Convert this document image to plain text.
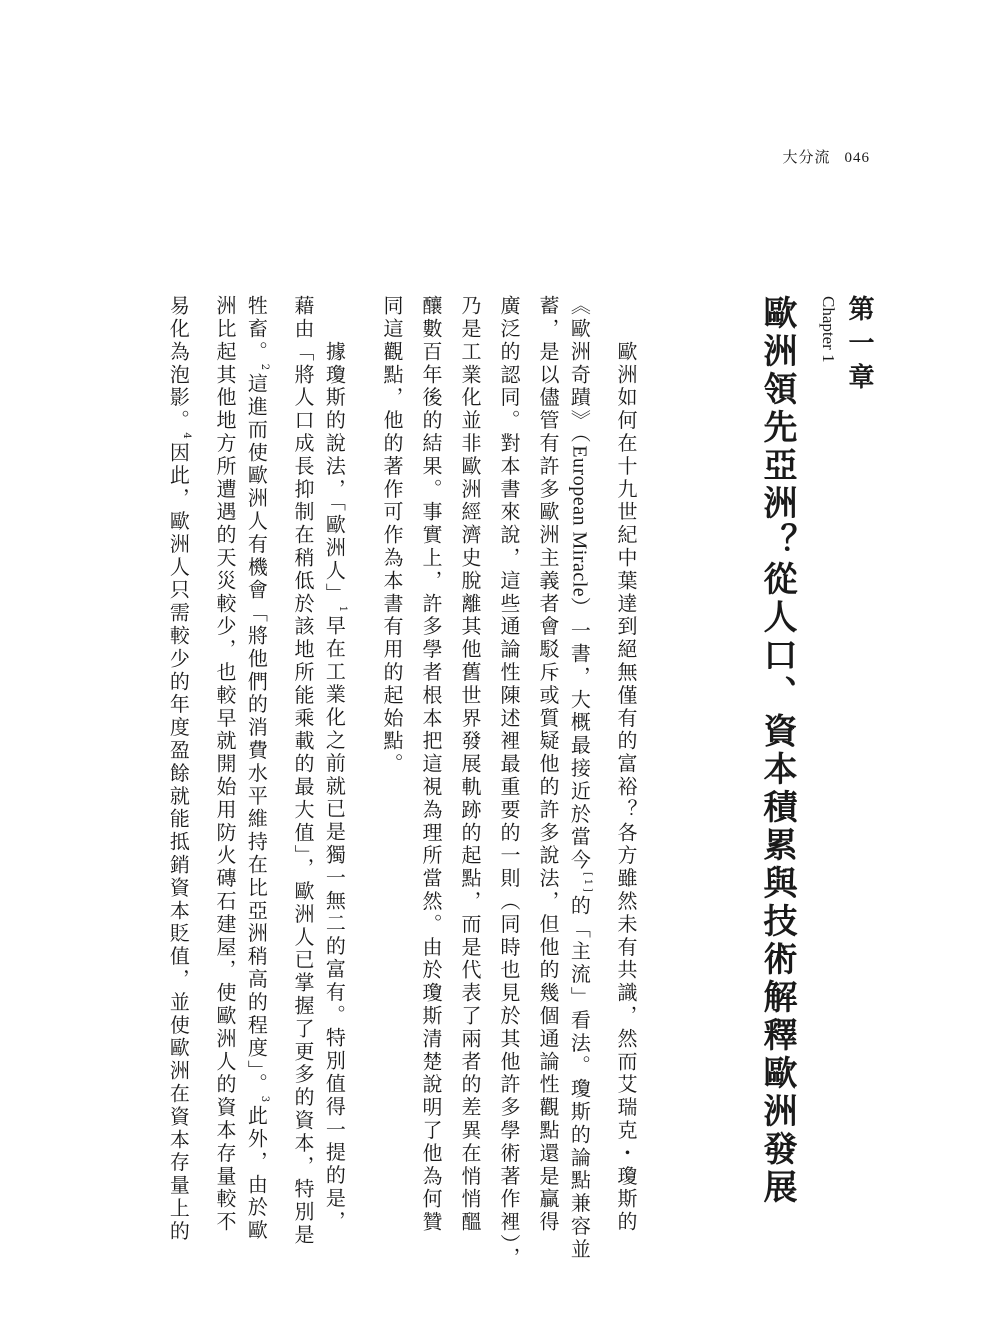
大分流 046
第一章
Chapter 1
歐洲領先亞洲？從人口、資本積累與技術解釋歐洲發展
　　歐洲如何在十九世紀中葉達到絕無僅有的富裕？各方雖然未有共識，然而艾瑞克・瓊斯的
《歐洲奇蹟》（European Miracle）一書，大概最接近於當今[1]的「主流」看法。瓊斯的論點兼容並
蓄，是以儘管有許多歐洲主義者會駁斥或質疑他的許多說法，但他的幾個通論性觀點還是贏得
廣泛的認同。對本書來說，這些通論性陳述裡最重要的一則（同時也見於其他許多學術著作裡），
乃是工業化並非歐洲經濟史脫離其他舊世界發展軌跡的起點，而是代表了兩者的差異在悄悄醞
釀數百年後的結果。事實上，許多學者根本把這視為理所當然。由於瓊斯清楚說明了他為何贊
同這觀點，他的著作可作為本書有用的起始點。
　　據瓊斯的說法，「歐洲人」$^1$早在工業化之前就已是獨一無二的富有。特別值得一提的是，
藉由「將人口成長抑制在稍低於該地所能乘載的最大值」，歐洲人已掌握了更多的資本，特別是
牲畜。$^2$這進而使歐洲人有機會「將他們的消費水平維持在比亞洲稍高的程度」。$^3$此外，由於歐
洲比起其他地方所遭遇的天災較少，也較早就開始用防火磚石建屋，使歐洲人的資本存量較不
易化為泡影。$^4$因此，歐洲人只需較少的年度盈餘就能抵銷資本貶值，並使歐洲在資本存量上的
